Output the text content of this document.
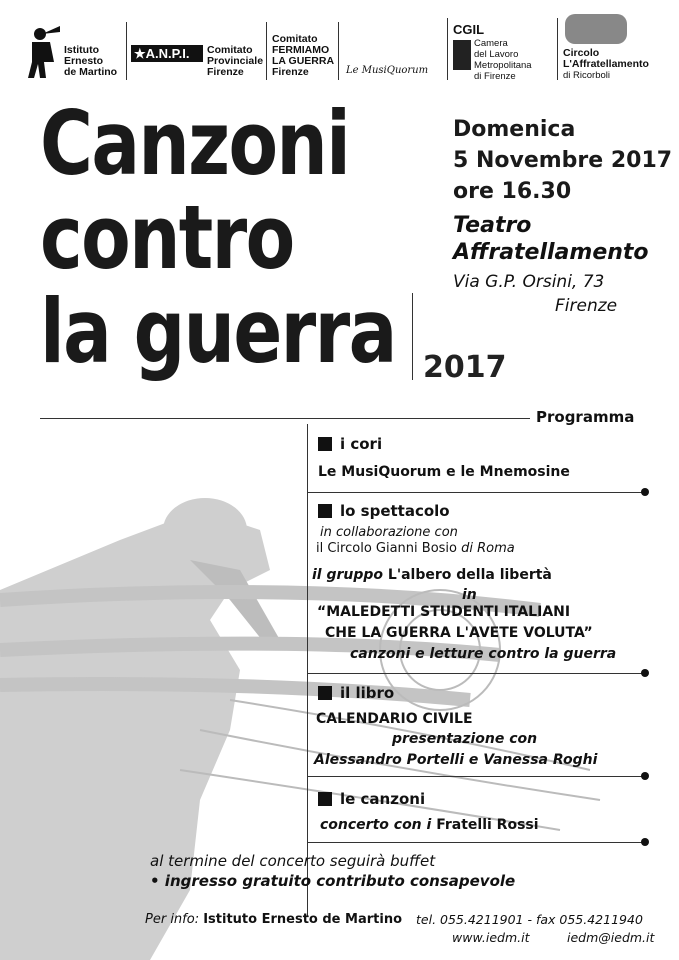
Istituto
Ernesto
de Martino
★A.N.P.I.	Comitato
Provinciale
Firenze
Comitato
FERMIAMO
LA GUERRA
Firenze	Le MusiQuorum
CGIL
Camera
del Lavoro
Metropolitana
di Firenze
Circolo
L'Affratellamento
di Ricorboli
Canzoni
contro
la guerra 2017
Domenica
5 Novembre 2017
ore 16.30
Teatro
Affratellamento
Via G.P. Orsini, 73
Firenze
Programma
i cori
Le MusiQuorum e le Mnemosine
lo spettacolo
in collaborazione con
il Circolo Gianni Bosio di Roma
il gruppo L'albero della libertà
in
“MALEDETTI STUDENTI ITALIANI
CHE LA GUERRA L'AVETE VOLUTA”
canzoni e letture contro la guerra
il libro
CALENDARIO CIVILE
presentazione con
Alessandro Portelli e Vanessa Roghi
le canzoni
concerto con i Fratelli Rossi
al termine del concerto seguirà buffet
• ingresso gratuito contributo consapevole
Per info: Istituto Ernesto de Martino tel. 055.4211901 - fax 055.4211940
www.iedm.it	iedm@iedm.it
